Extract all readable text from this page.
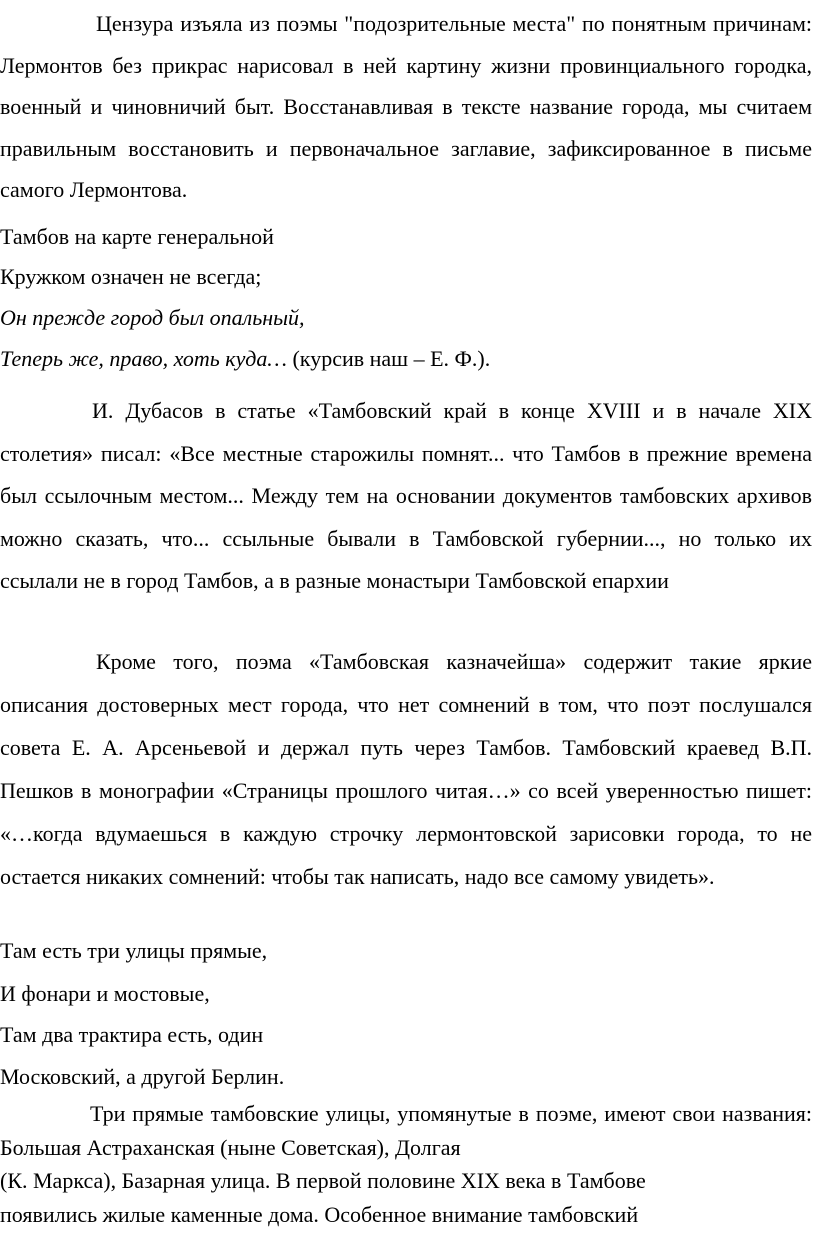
Цензура изъяла из поэмы "подозрительные места" по понятным причинам: Лермонтов без прикрас нарисовал в ней картину жизни провинциального городка, военный и чиновничий быт. Восстанавливая в тексте название города, мы считаем правильным восстановить и первоначальное заглавие, зафиксированное в письме самого Лермонтова.

Тамбов на карте генеральной

Кружком означен не всегда;

Он прежде город был опальный,

Теперь же, право, хоть куда… (курсив наш – Е. Ф.).

И. Дубасов в статье «Тамбовский край в конце XVIII и в начале XIX столетия» писал: «Все местные старожилы помнят... что Тамбов в прежние времена был ссылочным местом... Между тем на основании документов тамбовских архивов можно сказать, что... ссыльные бывали в Тамбовской губернии..., но только их ссылали не в город Тамбов, а в разные монастыри Тамбовской епархии

Кроме того, поэма «Тамбовская казначейша» содержит такие яркие описания достоверных мест города, что нет сомнений в том, что поэт послушался совета Е. А. Арсеньевой и держал путь через Тамбов. Тамбовский краевед В.П. Пешков в монографии «Страницы прошлого читая…» со всей уверенностью пишет: «…когда вдумаешься в каждую строчку лермонтовской зарисовки города, то не остается никаких сомнений: чтобы так написать, надо все самому увидеть».

Там есть три улицы прямые,

И фонари и мостовые,

Там два трактира есть, один

Московский, а другой Берлин.

Три прямые тамбовские улицы, упомянутые в поэме, имеют свои названия: Большая Астраханская (ныне Советская), Долгая
(К. Маркса), Базарная улица. В первой половине XIX века в Тамбове
появились жилые каменные дома. Особенное внимание тамбовский
